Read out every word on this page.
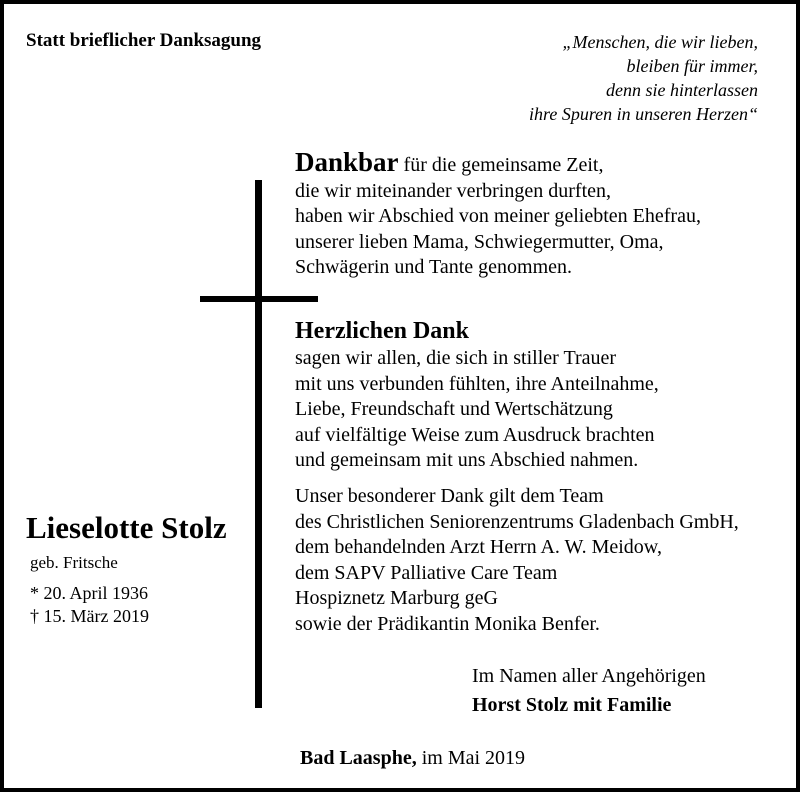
Statt brieflicher Danksagung	„Menschen, die wir lieben,
bleiben für immer,
denn sie hinterlassen
ihre Spuren in unseren Herzen“
Dankbar für die gemeinsame Zeit,
die wir miteinander verbringen durften,
haben wir Abschied von meiner geliebten Ehefrau,
unserer lieben Mama, Schwiegermutter, Oma,
Schwägerin und Tante genommen.
Herzlichen Dank
sagen wir allen, die sich in stiller Trauer
mit uns verbunden fühlten, ihre Anteilnahme,
Liebe, Freundschaft und Wertschätzung
auf vielfältige Weise zum Ausdruck brachten
und gemeinsam mit uns Abschied nahmen.
Unser besonderer Dank gilt dem Team
des Christlichen Seniorenzentrums Gladenbach GmbH,
dem behandelnden Arzt Herrn A. W. Meidow,
dem SAPV Palliative Care Team
Hospiznetz Marburg geG
sowie der Prädikantin Monika Benfer.
Lieselotte Stolz
geb. Fritsche
* 20. April 1936
† 15. März 2019
Im Namen aller Angehörigen
Horst Stolz mit Familie
Bad Laasphe, im Mai 2019
